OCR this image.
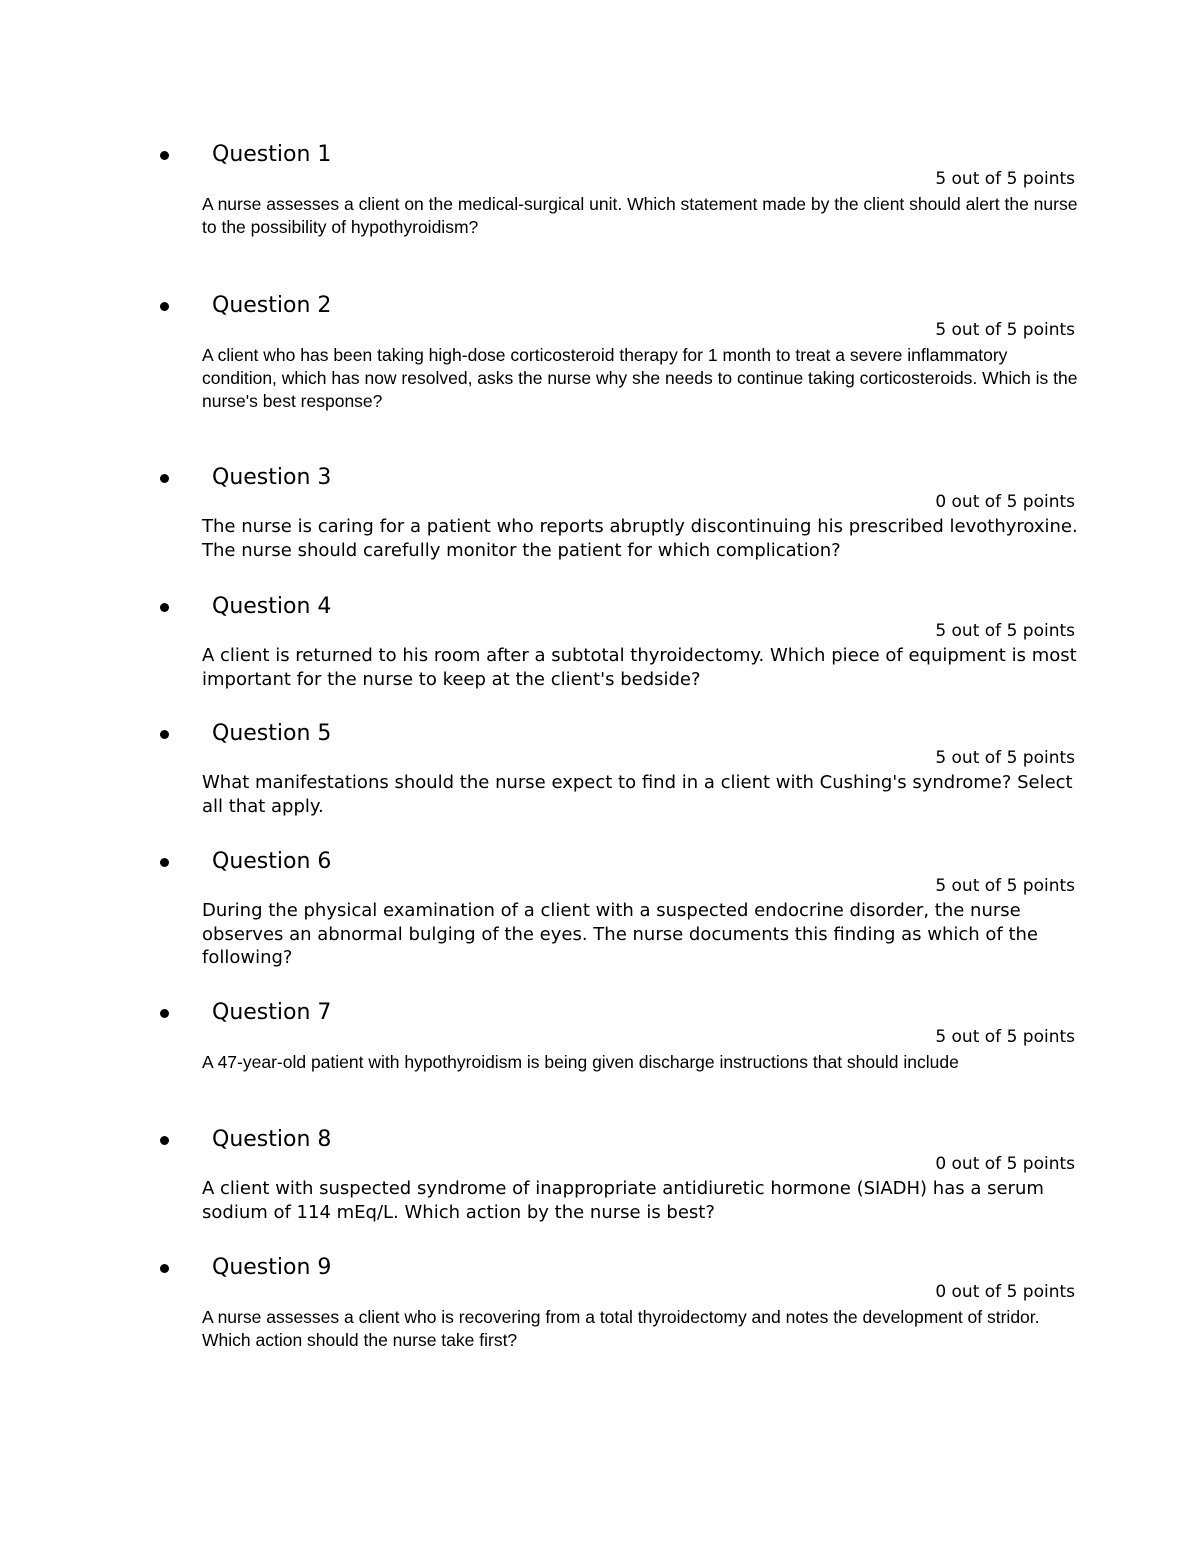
Question 1
5 out of 5 points
A nurse assesses a client on the medical-surgical unit. Which statement made by the client should alert the nurse to the possibility of hypothyroidism?
Question 2
5 out of 5 points
A client who has been taking high-dose corticosteroid therapy for 1 month to treat a severe inflammatory condition, which has now resolved, asks the nurse why she needs to continue taking corticosteroids. Which is the nurse's best response?
Question 3
0 out of 5 points
The nurse is caring for a patient who reports abruptly discontinuing his prescribed levothyroxine. The nurse should carefully monitor the patient for which complication?
Question 4
5 out of 5 points
A client is returned to his room after a subtotal thyroidectomy. Which piece of equipment is most important for the nurse to keep at the client's bedside?
Question 5
5 out of 5 points
What manifestations should the nurse expect to find in a client with Cushing's syndrome? Select all that apply.
Question 6
5 out of 5 points
During the physical examination of a client with a suspected endocrine disorder, the nurse observes an abnormal bulging of the eyes. The nurse documents this finding as which of the following?
Question 7
5 out of 5 points
A 47-year-old patient with hypothyroidism is being given discharge instructions that should include
Question 8
0 out of 5 points
A client with suspected syndrome of inappropriate antidiuretic hormone (SIADH) has a serum sodium of 114 mEq/L. Which action by the nurse is best?
Question 9
0 out of 5 points
A nurse assesses a client who is recovering from a total thyroidectomy and notes the development of stridor. Which action should the nurse take first?
